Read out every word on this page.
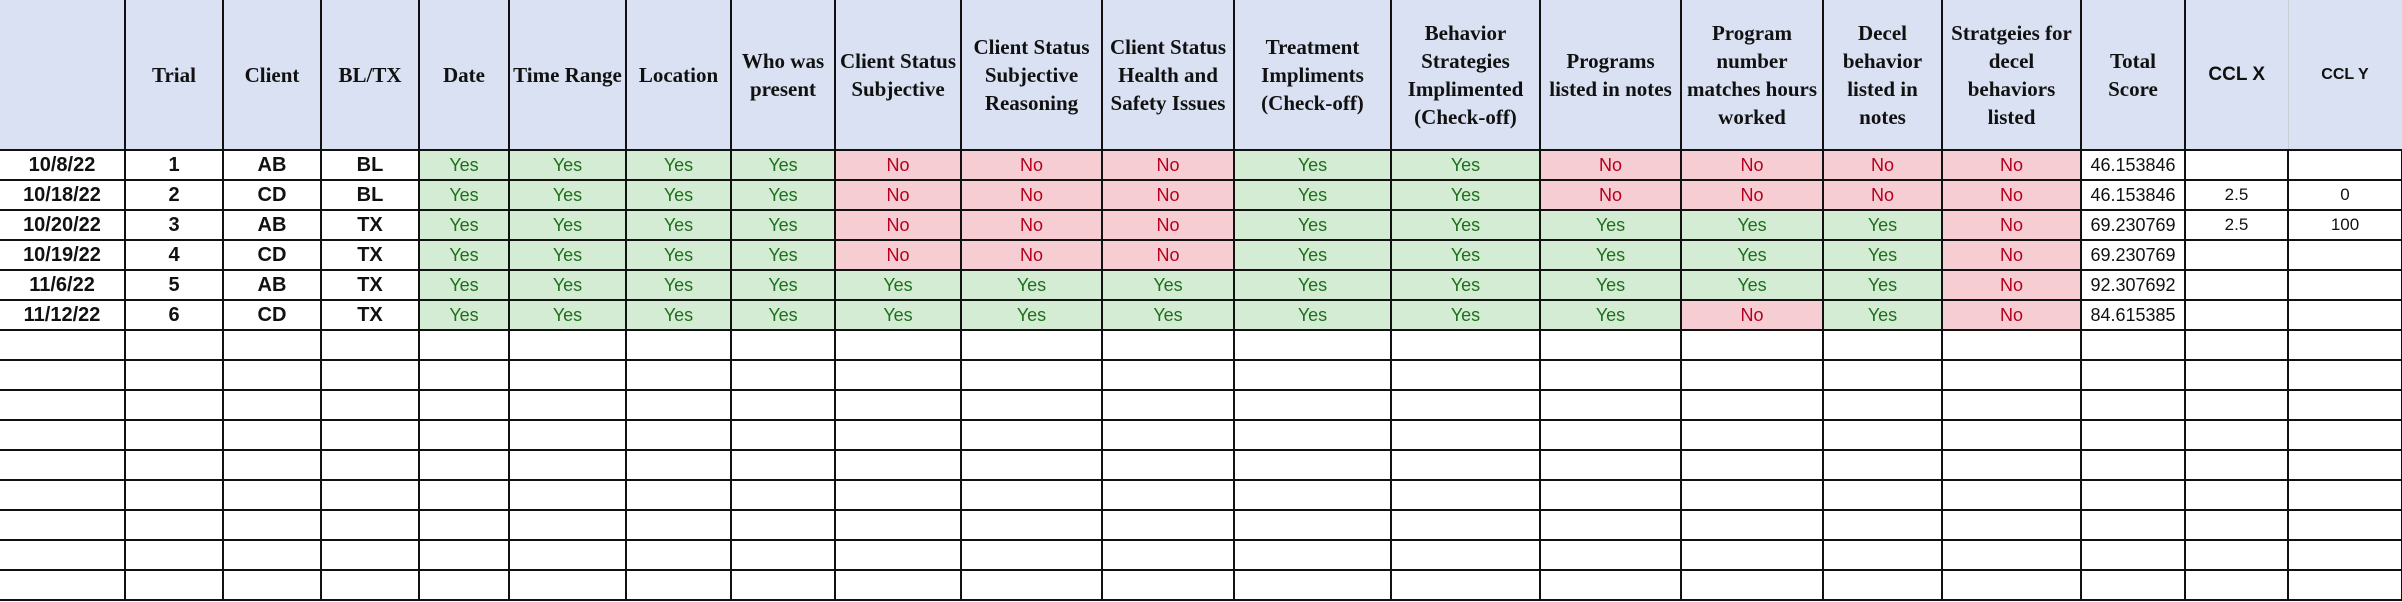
	Trial	Client	BL/TX	Date	Time Range	Location	Who was present	Client Status Subjective	Client Status Subjective Reasoning	Client Status Health and Safety Issues	Treatment Impliments (Check-off)	Behavior Strategies Implimented (Check-off)	Programs listed in notes	Program number matches hours worked	Decel behavior listed in notes	Stratgeies for decel behaviors listed	Total Score	CCL X	CCL Y
10/8/22	1	AB	BL	Yes	Yes	Yes	Yes	No	No	No	Yes	Yes	No	No	No	No	46.153846		
10/18/22	2	CD	BL	Yes	Yes	Yes	Yes	No	No	No	Yes	Yes	No	No	No	No	46.153846	2.5	0
10/20/22	3	AB	TX	Yes	Yes	Yes	Yes	No	No	No	Yes	Yes	Yes	Yes	Yes	No	69.230769	2.5	100
10/19/22	4	CD	TX	Yes	Yes	Yes	Yes	No	No	No	Yes	Yes	Yes	Yes	Yes	No	69.230769		
11/6/22	5	AB	TX	Yes	Yes	Yes	Yes	Yes	Yes	Yes	Yes	Yes	Yes	Yes	Yes	No	92.307692		
11/12/22	6	CD	TX	Yes	Yes	Yes	Yes	Yes	Yes	Yes	Yes	Yes	Yes	No	Yes	No	84.615385		
